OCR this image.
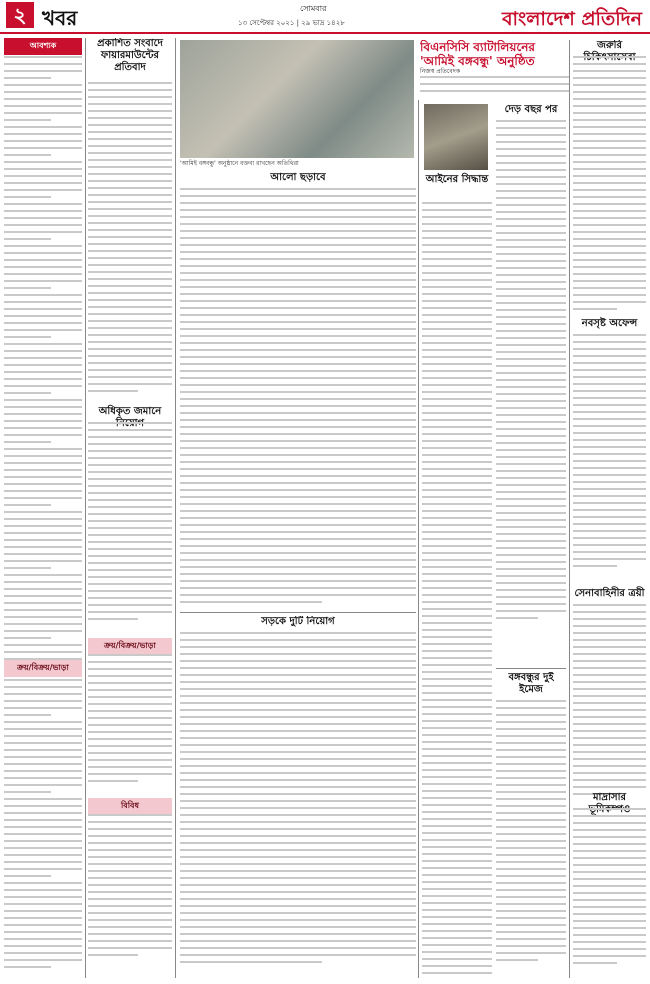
২ খবর	সোমবার
১৩ সেপ্টেম্বর ২০২১ | ২৯ ভাদ্র ১৪২৮	বাংলাদেশ প্রতিদিন
আবশ্যক
ক্রয়/বিক্রয়/ভাড়া
প্রকাশিত সংবাদে ফায়ারমাউন্টের প্রতিবাদ
অধিকৃত জমানে
ক্রয়/বিক্রয়/ভাড়া
বিবিধ
'আমিই বঙ্গবন্ধু' অনুষ্ঠানে বক্তব্য রাখছেন অতিথিরা
বিএনসিসি ব্যাটালিয়নের 'আমিই বঙ্গবন্ধু' অনুষ্ঠিত
নিজস্ব প্রতিবেদক
আলো ছড়াবে
সড়কে দুটি নিয়োগ
আইনের সিদ্ধান্ত
দেড় বছর পর
বঙ্গবন্ধুর দুই ইমেজ
জরুরি
নবসৃষ্ট অফেন্স
সেনাবাহিনীর ত্রয়ী
মাদ্রাসার
